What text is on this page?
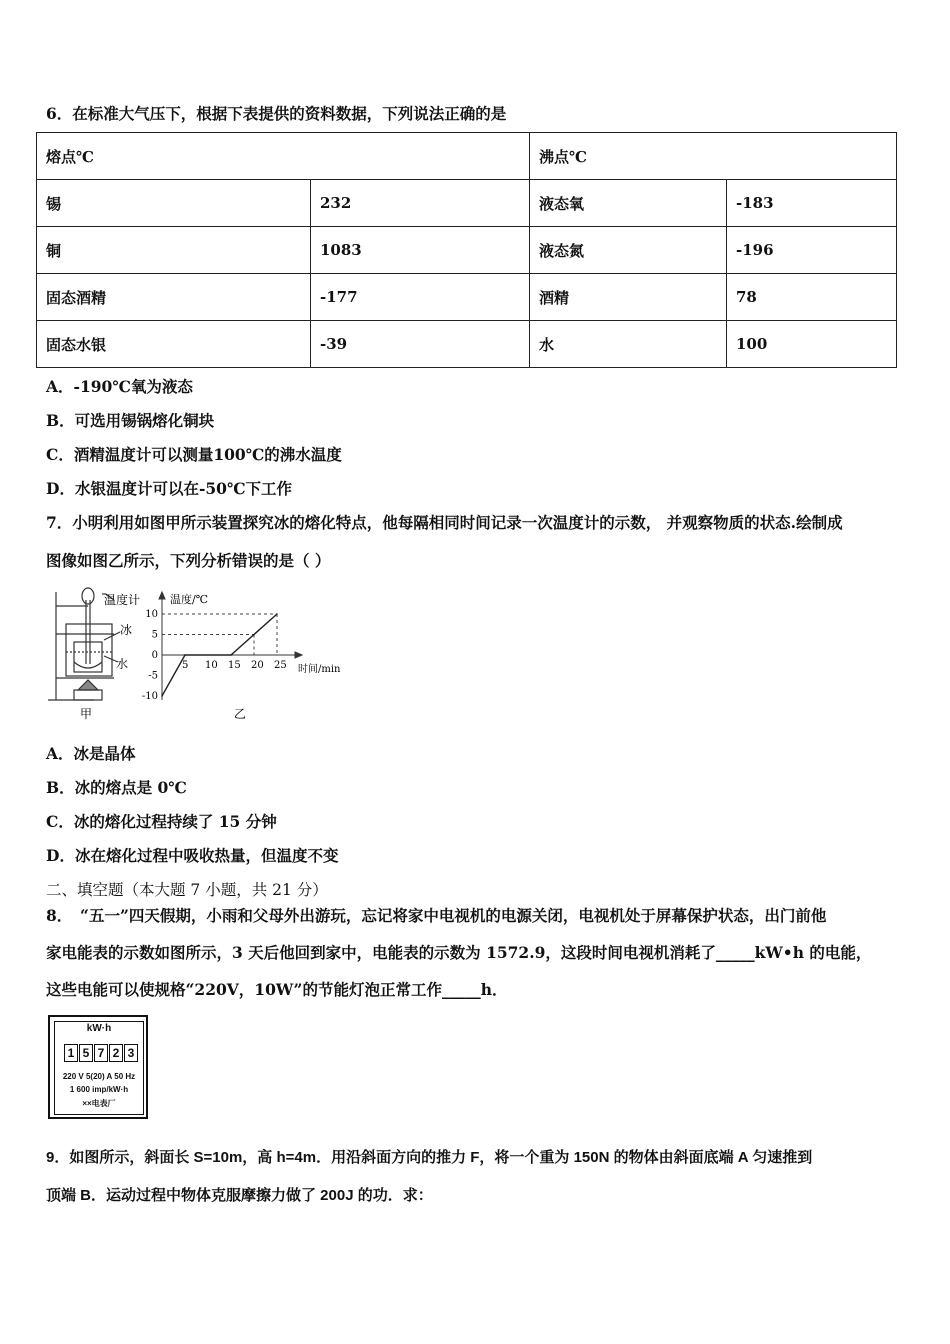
6．在标准大气压下，根据下表提供的资料数据，下列说法正确的是
熔点℃		沸点℃	
锡	232	液态氧	-183
铜	1083	液态氮	-196
固态酒精	-177	酒精	78
固态水银	-39	水	100
A．-190℃氧为液态
B．可选用锡锅熔化铜块
C．酒精温度计可以测量100℃的沸水温度
D．水银温度计可以在-50℃下工作
7．小明利用如图甲所示装置探究冰的熔化特点，他每隔相同时间记录一次温度计的示数， 并观察物质的状态.绘制成
图像如图乙所示，下列分析错误的是（ ）
温度计
冰
水
甲
5 10 15 20 25
10
5
0
-5
-10
温度/℃
时间/min
乙
A．冰是晶体
B．冰的熔点是 0℃
C．冰的熔化过程持续了 15 分钟
D．冰在熔化过程中吸收热量，但温度不变
二、填空题（本大题 7 小题，共 21 分）
8．　“五一”四天假期，小雨和父母外出游玩，忘记将家中电视机的电源关闭，电视机处于屏幕保护状态，出门前他
家电能表的示数如图所示，3 天后他回到家中，电能表的示数为 1572.9，这段时间电视机消耗了_____kW•h 的电能，
这些电能可以使规格“220V，10W”的节能灯泡正常工作_____h．
kW·h
1 5 7 2 3
220 V 5(20) A 50 Hz
1 600 imp/kW·h
××电表厂
9．如图所示，斜面长 S=10m，高 h=4m．用沿斜面方向的推力 F，将一个重为 150N 的物体由斜面底端 A 匀速推到
顶端 B．运动过程中物体克服摩擦力做了 200J 的功．求：
